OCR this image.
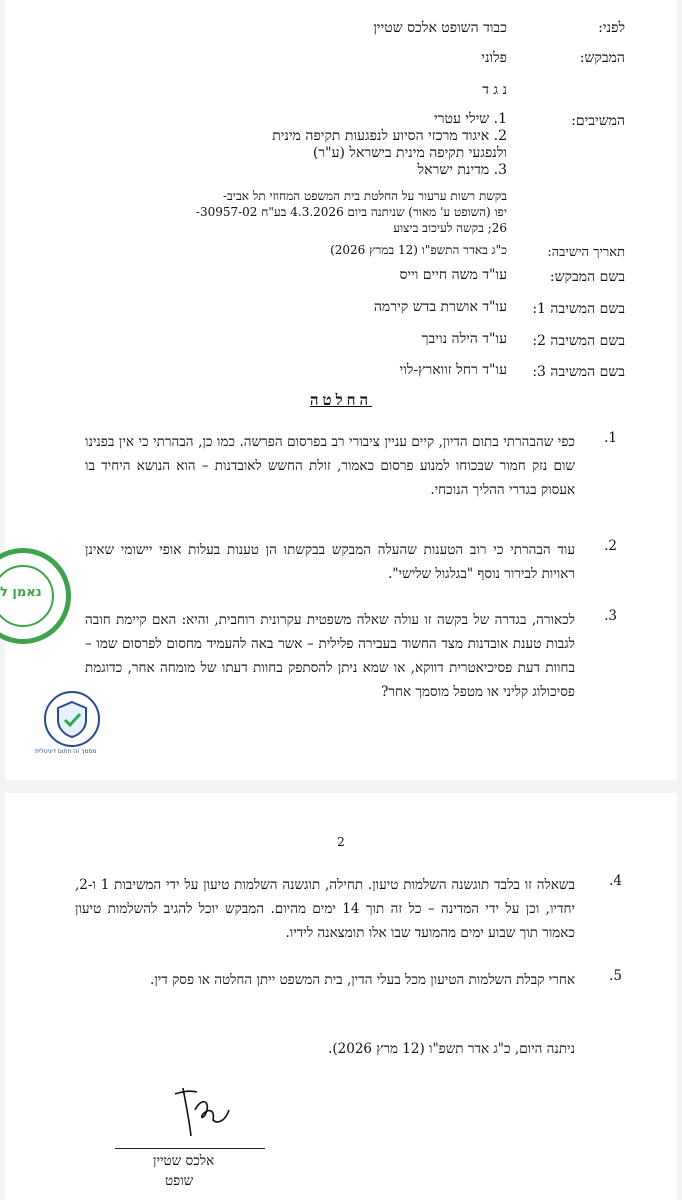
לפני:
כבוד השופט אלכס שטיין
המבקש:
פלוני
נ ג ד
המשיבים:
1. שילי עטרי
2. איגוד מרכזי הסיוע לנפגעות תקיפה מינית
ולנפגעי תקיפה מינית בישראל (ע"ר)
3. מדינת ישראל
בקשת רשות ערעור על החלטת בית המשפט המחוזי תל אביב-
יפו (השופט ע' מאור) שניתנה ביום 4.3.2026 בע"ח 30957-02-
26; בקשה לעיכוב ביצוע
תאריך הישיבה:
כ"ג באדר התשפ"ו (12 במרץ 2026)
בשם המבקש:
עו"ד משה חיים וייס
בשם המשיבה 1:
עו"ד אושרת בדש קירמה
בשם המשיבה 2:
עו"ד הילה נויבך
בשם המשיבה 3:
עו"ד רחל זווארץ-לוי
החלטה
1.
כפי שהבהרתי בתום הדיון, קיים עניין ציבורי רב בפרסום הפרשה. כמו כן, הבהרתי כי אין בפנינו שום נזק חמור שבכוחו למנוע פרסום כאמור, זולת החשש לאובדנות – הוא הנושא היחיד בו אעסוק בגדרי ההליך הנוכחי.
2.
עוד הבהרתי כי רוב הטענות שהעלה המבקש בבקשתו הן טענות בעלות אופי יישומי שאינן ראויות לבירור נוסף "בגלגול שלישי".
3.
לכאורה, בגדרה של בקשה זו עולה שאלה משפטית עקרונית רוחבית, והיא: האם קיימת חובה לגבות טענת אובדנות מצד החשוד בעבירה פלילית – אשר באה להעמיד מחסום לפרסום שמו – בחוות דעת פסיכיאטרית דווקא, או שמא ניתן להסתפק בחוות דעתו של מומחה אחר, כדוגמת פסיכולוג קליני או מטפל מוסמך אחר?
נאמן ל
מסמך זה חתום דיגיטלית
2
4.
בשאלה זו בלבד תוגשנה השלמות טיעון. תחילה, תוגשנה השלמות טיעון על ידי המשיבות 1 ו-2, יחדיו, וכן על ידי המדינה – כל זה תוך 14 ימים מהיום. המבקש יוכל להגיב להשלמות טיעון כאמור תוך שבוע ימים מהמועד שבו אלו תומצאנה לידיו.
5.
אחרי קבלת השלמות הטיעון מכל בעלי הדין, בית המשפט ייתן החלטה או פסק דין.
ניתנה היום, כ"ג אדר תשפ"ו (12 מרץ 2026).
אלכס שטיין
שופט
